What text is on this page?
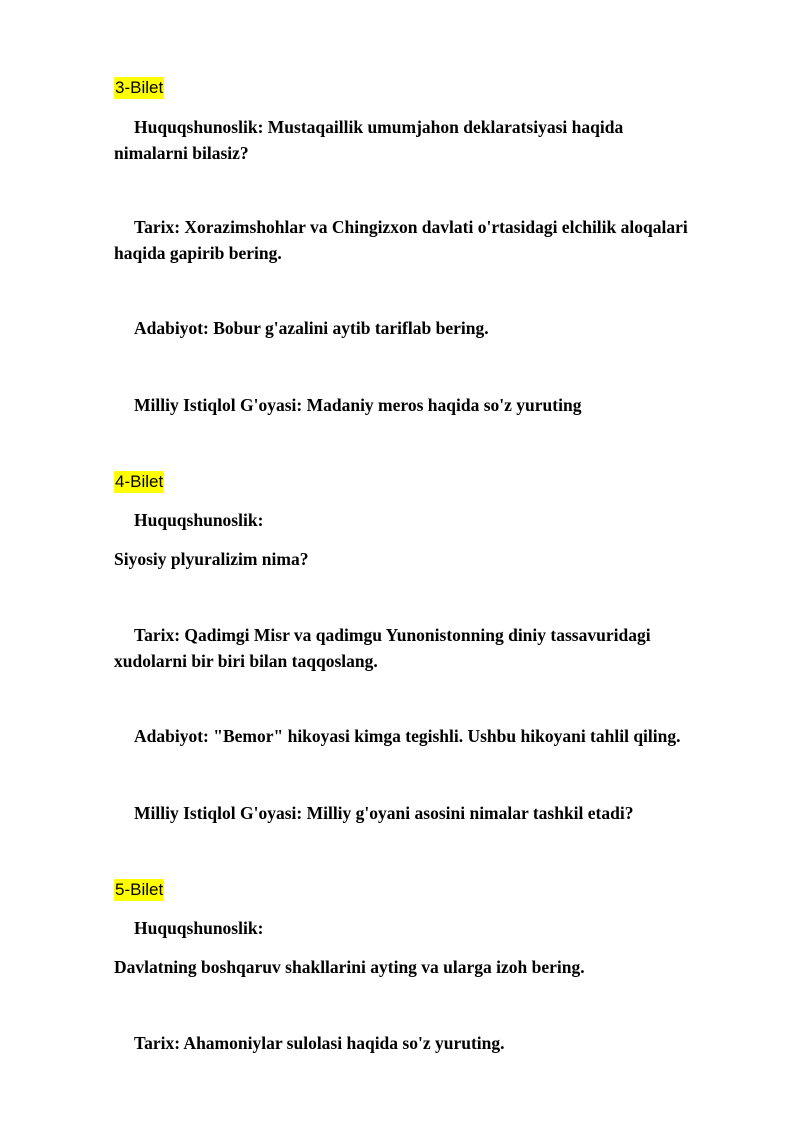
3-Bilet
Huquqshunoslik: Mustaqaillik umumjahon deklaratsiyasi haqida
nimalarni bilasiz?
Tarix: Xorazimshohlar va Chingizxon davlati o'rtasidagi elchilik aloqalari
haqida gapirib bering.
Adabiyot: Bobur g'azalini aytib tariflab bering.
Milliy Istiqlol G'oyasi: Madaniy meros haqida so'z yuruting
4-Bilet
Huquqshunoslik:
Siyosiy plyuralizim nima?
Tarix: Qadimgi Misr va qadimgu Yunonistonning diniy tassavuridagi
xudolarni bir biri bilan taqqoslang.
Adabiyot: "Bemor" hikoyasi kimga tegishli. Ushbu hikoyani tahlil qiling.
Milliy Istiqlol G'oyasi: Milliy g'oyani asosini nimalar tashkil etadi?
5-Bilet
Huquqshunoslik:
Davlatning boshqaruv shakllarini ayting va ularga izoh bering.
Tarix: Ahamoniylar sulolasi haqida so'z yuruting.
